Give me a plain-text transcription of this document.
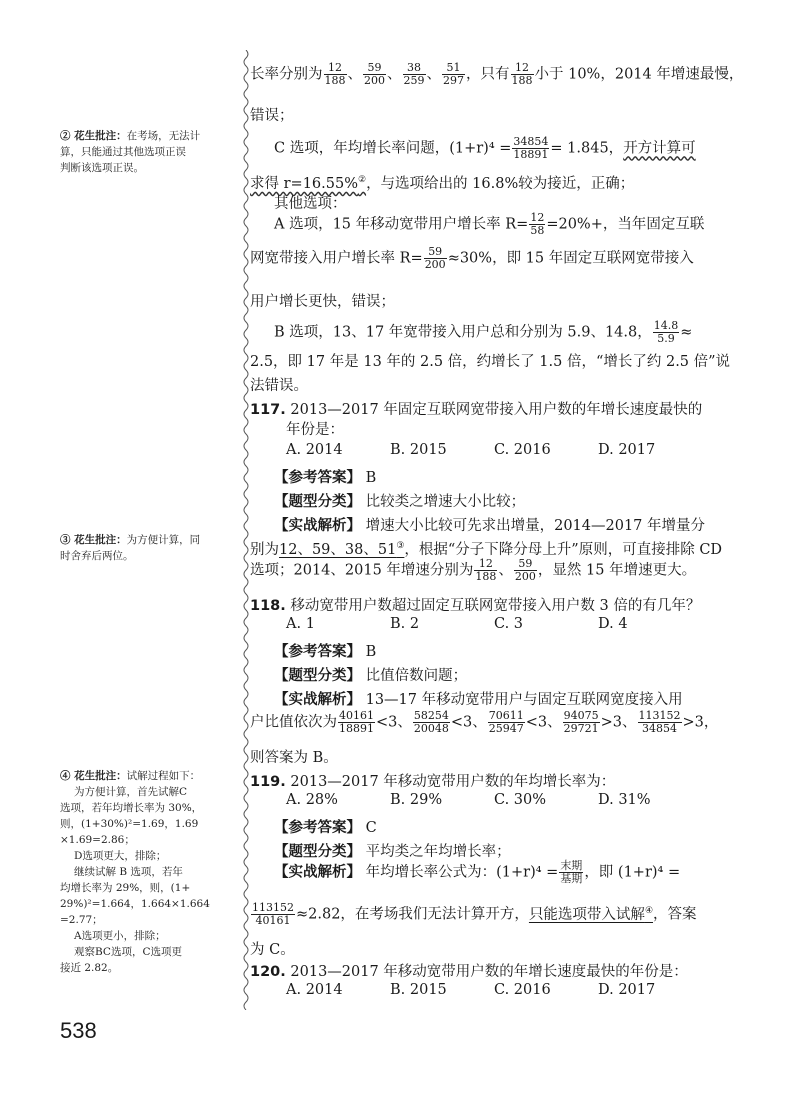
② 花生批注：在考场，无法计
算，只能通过其他选项正误
判断该选项正误。
③ 花生批注：为方便计算，同
时舍弃后两位。
④ 花生批注：试解过程如下：
为方便计算，首先试解C
选项，若年均增长率为 30%，
则，(1+30%)²=1.69，1.69
×1.69=2.86；
D选项更大，排除；
继续试解 B 选项，若年
均增长率为 29%，则，(1+
29%)²=1.664，1.664×1.664
=2.77；
A选项更小，排除；
观察BC选项，C选项更
接近 2.82。
长率分别为 $\frac{12}{188}$ 、 $\frac{59}{200}$ 、 $\frac{38}{259}$ 、 $\frac{51}{297}$ ，只有 $\frac{12}{188}$ 小于 10%，2014 年增速最慢，
错误；
C 选项，年均增长率问题，$(1+r)^4 = \frac{34854}{18891} = 1.845$，开方计算可
求得 r=16.55%②，与选项给出的 16.8%较为接近，正确；
其他选项：
A 选项，15 年移动宽带用户增长率 $R= \frac{12}{58} =20\%+$，当年固定互联
网宽带接入用户增长率 $R= \frac{59}{200} \approx 30\%$，即 15 年固定互联网宽带接入
用户增长更快，错误；
B 选项，13、17 年宽带接入用户总和分别为 5.9、14.8， $\frac{14.8}{5.9}$ ≈
2.5，即 17 年是 13 年的 2.5 倍，约增长了 1.5 倍，“增长了约 2.5 倍”说
法错误。
117. 2013—2017 年固定互联网宽带接入用户数的年增长速度最快的
年份是：
A. 2014	B. 2015	C. 2016	D. 2017
【参考答案】 B
【题型分类】 比较类之增速大小比较；
【实战解析】 增速大小比较可先求出增量，2014—2017 年增量分
别为12、59、38、51③，根据“分子下降分母上升”原则，可直接排除 CD
选项；2014、2015 年增速分别为 $\frac{12}{188}$ 、 $\frac{59}{200}$ ，显然 15 年增速更大。
118. 移动宽带用户数超过固定互联网宽带接入用户数 3 倍的有几年？
A. 1	B. 2	C. 3	D. 4
【参考答案】 B
【题型分类】 比值倍数问题；
【实战解析】 13—17 年移动宽带用户与固定互联网宽度接入用
户比值依次为 $\frac{40161}{18891} <3$、 $\frac{58254}{20048} <3$、 $\frac{70611}{25947} <3$、 $\frac{94075}{29721} >3$、 $\frac{113152}{34854} >3$，
则答案为 B。
119. 2013—2017 年移动宽带用户数的年均增长率为：
A. 28%	B. 29%	C. 30%	D. 31%
【参考答案】 C
【题型分类】 平均类之年均增长率；
【实战解析】 年均增长率公式为：$(1+r)^4 = \frac{\text{末期}}{\text{基期}}$ ，即 (1+r)⁴ =
$\frac{113152}{40161} \approx 2.82$，在考场我们无法计算开方，只能选项带入试解④，答案
为 C。
120. 2013—2017 年移动宽带用户数的年增长速度最快的年份是：
A. 2014	B. 2015	C. 2016	D. 2017
538
